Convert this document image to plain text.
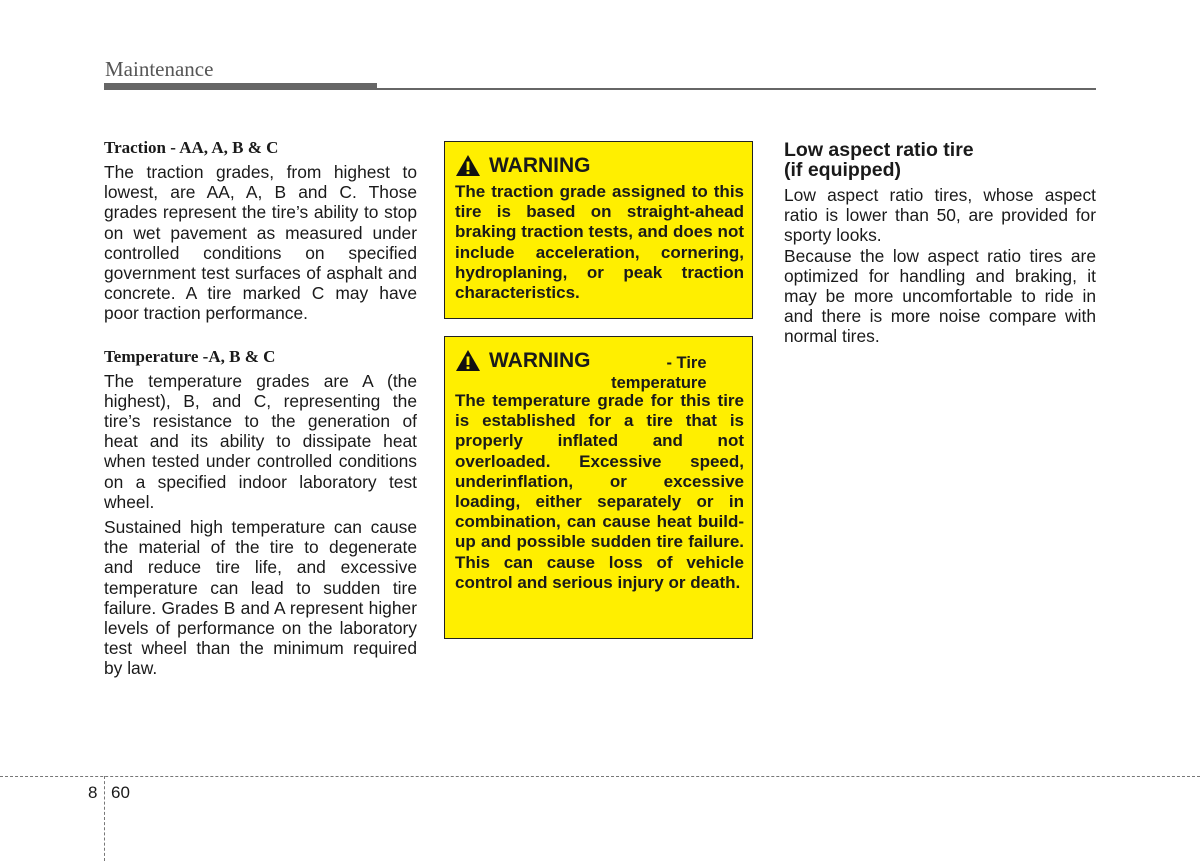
Maintenance

Traction - AA, A, B & C

The traction grades, from highest to lowest, are AA, A, B and C. Those grades represent the tire’s ability to stop on wet pavement as measured under controlled conditions on specified government test surfaces of asphalt and concrete. A tire marked C may have poor traction performance.

Temperature -A, B & C

The temperature grades are A (the highest), B, and C, representing the tire’s resistance to the generation of heat and its ability to dissipate heat when tested under controlled conditions on a specified indoor laboratory test wheel.

Sustained high temperature can cause the material of the tire to degenerate and reduce tire life, and excessive temperature can lead to sudden tire failure. Grades B and A represent higher levels of performance on the laboratory test wheel than the minimum required by law.

WARNING

The traction grade assigned to this tire is based on straight-ahead braking traction tests, and does not include acceleration, cornering, hydroplaning, or peak traction characteristics.

WARNING	- Tire temperature

The temperature grade for this tire is established for a tire that is properly inflated and not overloaded. Excessive speed, underinflation, or excessive loading, either separately or in combination, can cause heat build-up and possible sudden tire failure. This can cause loss of vehicle control and serious injury or death.

Low aspect ratio tire
(if equipped)

Low aspect ratio tires, whose aspect ratio is lower than 50, are provided for sporty looks.

Because the low aspect ratio tires are optimized for handling and braking, it may be more uncomfortable to ride in and there is more noise compare with normal tires.

8 60
